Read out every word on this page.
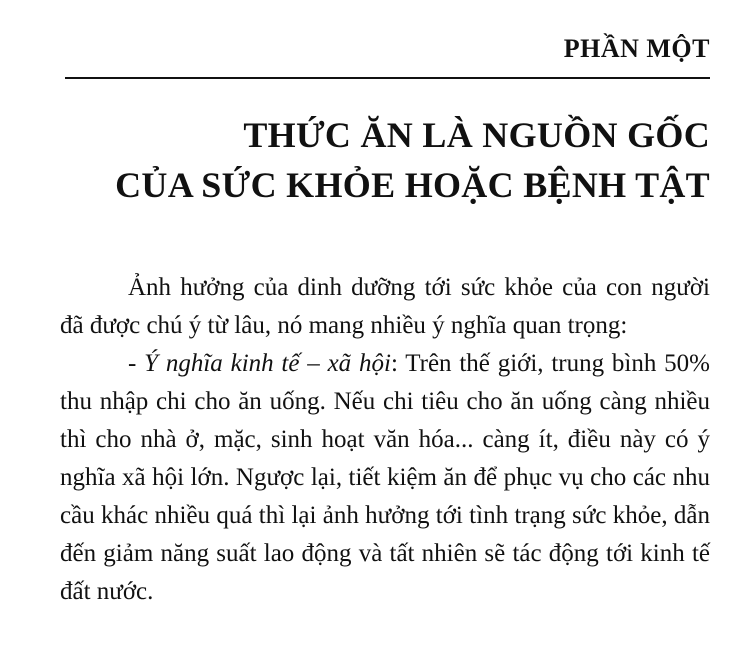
PHẦN MỘT
THỨC ĂN LÀ NGUỒN GỐC
CỦA SỨC KHỎE HOẶC BỆNH TẬT

Ảnh hưởng của dinh dưỡng tới sức khỏe của con người đã được chú ý từ lâu, nó mang nhiều ý nghĩa quan trọng:

- Ý nghĩa kinh tế – xã hội: Trên thế giới, trung bình 50% thu nhập chi cho ăn uống. Nếu chi tiêu cho ăn uống càng nhiều thì cho nhà ở, mặc, sinh hoạt văn hóa... càng ít, điều này có ý nghĩa xã hội lớn. Ngược lại, tiết kiệm ăn để phục vụ cho các nhu cầu khác nhiều quá thì lại ảnh hưởng tới tình trạng sức khỏe, dẫn đến giảm năng suất lao động và tất nhiên sẽ tác động tới kinh tế đất nước.
